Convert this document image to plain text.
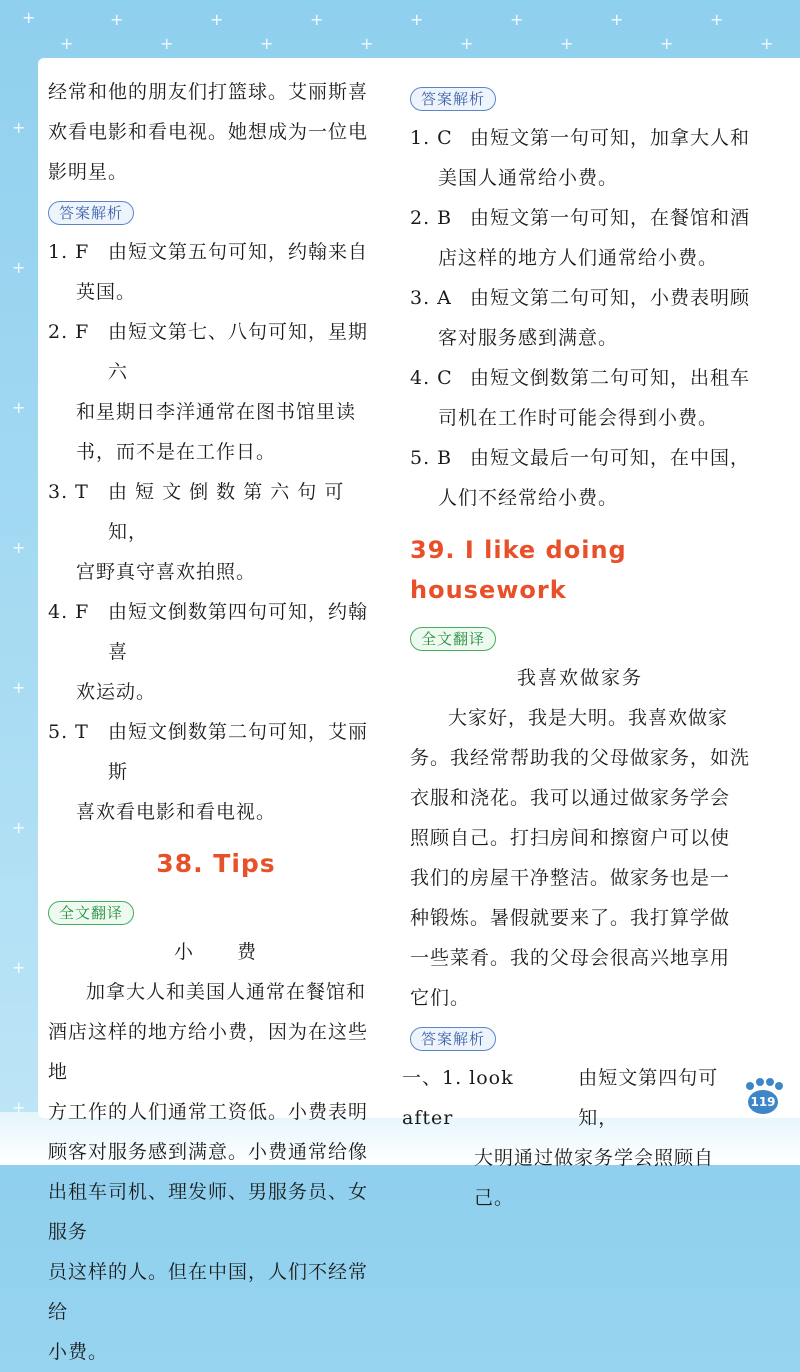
+
+
+
+
+
+
+
+
+
+
+
+
+
+
+
+
+
+
+
+
+
+
+
+

经常和他的朋友们打篮球。艾丽斯喜

欢看电影和看电视。她想成为一位电

影明星。

答案解析
1. F 由短文第五句可知，约翰来自

英国。

2. F 由短文第七、八句可知，星期六

和星期日李洋通常在图书馆里读

书，而不是在工作日。

3. T	由 短 文 倒 数 第 六 句 可 知，

宫野真守喜欢拍照。

4. F 由短文倒数第四句可知，约翰喜

欢运动。

5. T	由短文倒数第二句可知，艾丽斯

喜欢看电影和看电视。

38. Tips
全文翻译

小　　费

加拿大人和美国人通常在餐馆和

酒店这样的地方给小费，因为在这些地

方工作的人们通常工资低。小费表明

顾客对服务感到满意。小费通常给像

出租车司机、理发师、男服务员、女服务

员这样的人。但在中国，人们不经常给

小费。

答案解析
1. C 由短文第一句可知，加拿大人和

美国人通常给小费。

2. B 由短文第一句可知，在餐馆和酒

店这样的地方人们通常给小费。

3. A 由短文第二句可知，小费表明顾

客对服务感到满意。

4. C 由短文倒数第二句可知，出租车

司机在工作时可能会得到小费。

5. B 由短文最后一句可知，在中国，

人们不经常给小费。

39. I like doing housework
全文翻译

我喜欢做家务

大家好，我是大明。我喜欢做家

务。我经常帮助我的父母做家务，如洗

衣服和浇花。我可以通过做家务学会

照顾自己。打扫房间和擦窗户可以使

我们的房屋干净整洁。做家务也是一

种锻炼。暑假就要来了。我打算学做

一些菜肴。我的父母会很高兴地享用

它们。

答案解析
一、1. look after
由短文第四句可知，

大明通过做家务学会照顾自己。

119
